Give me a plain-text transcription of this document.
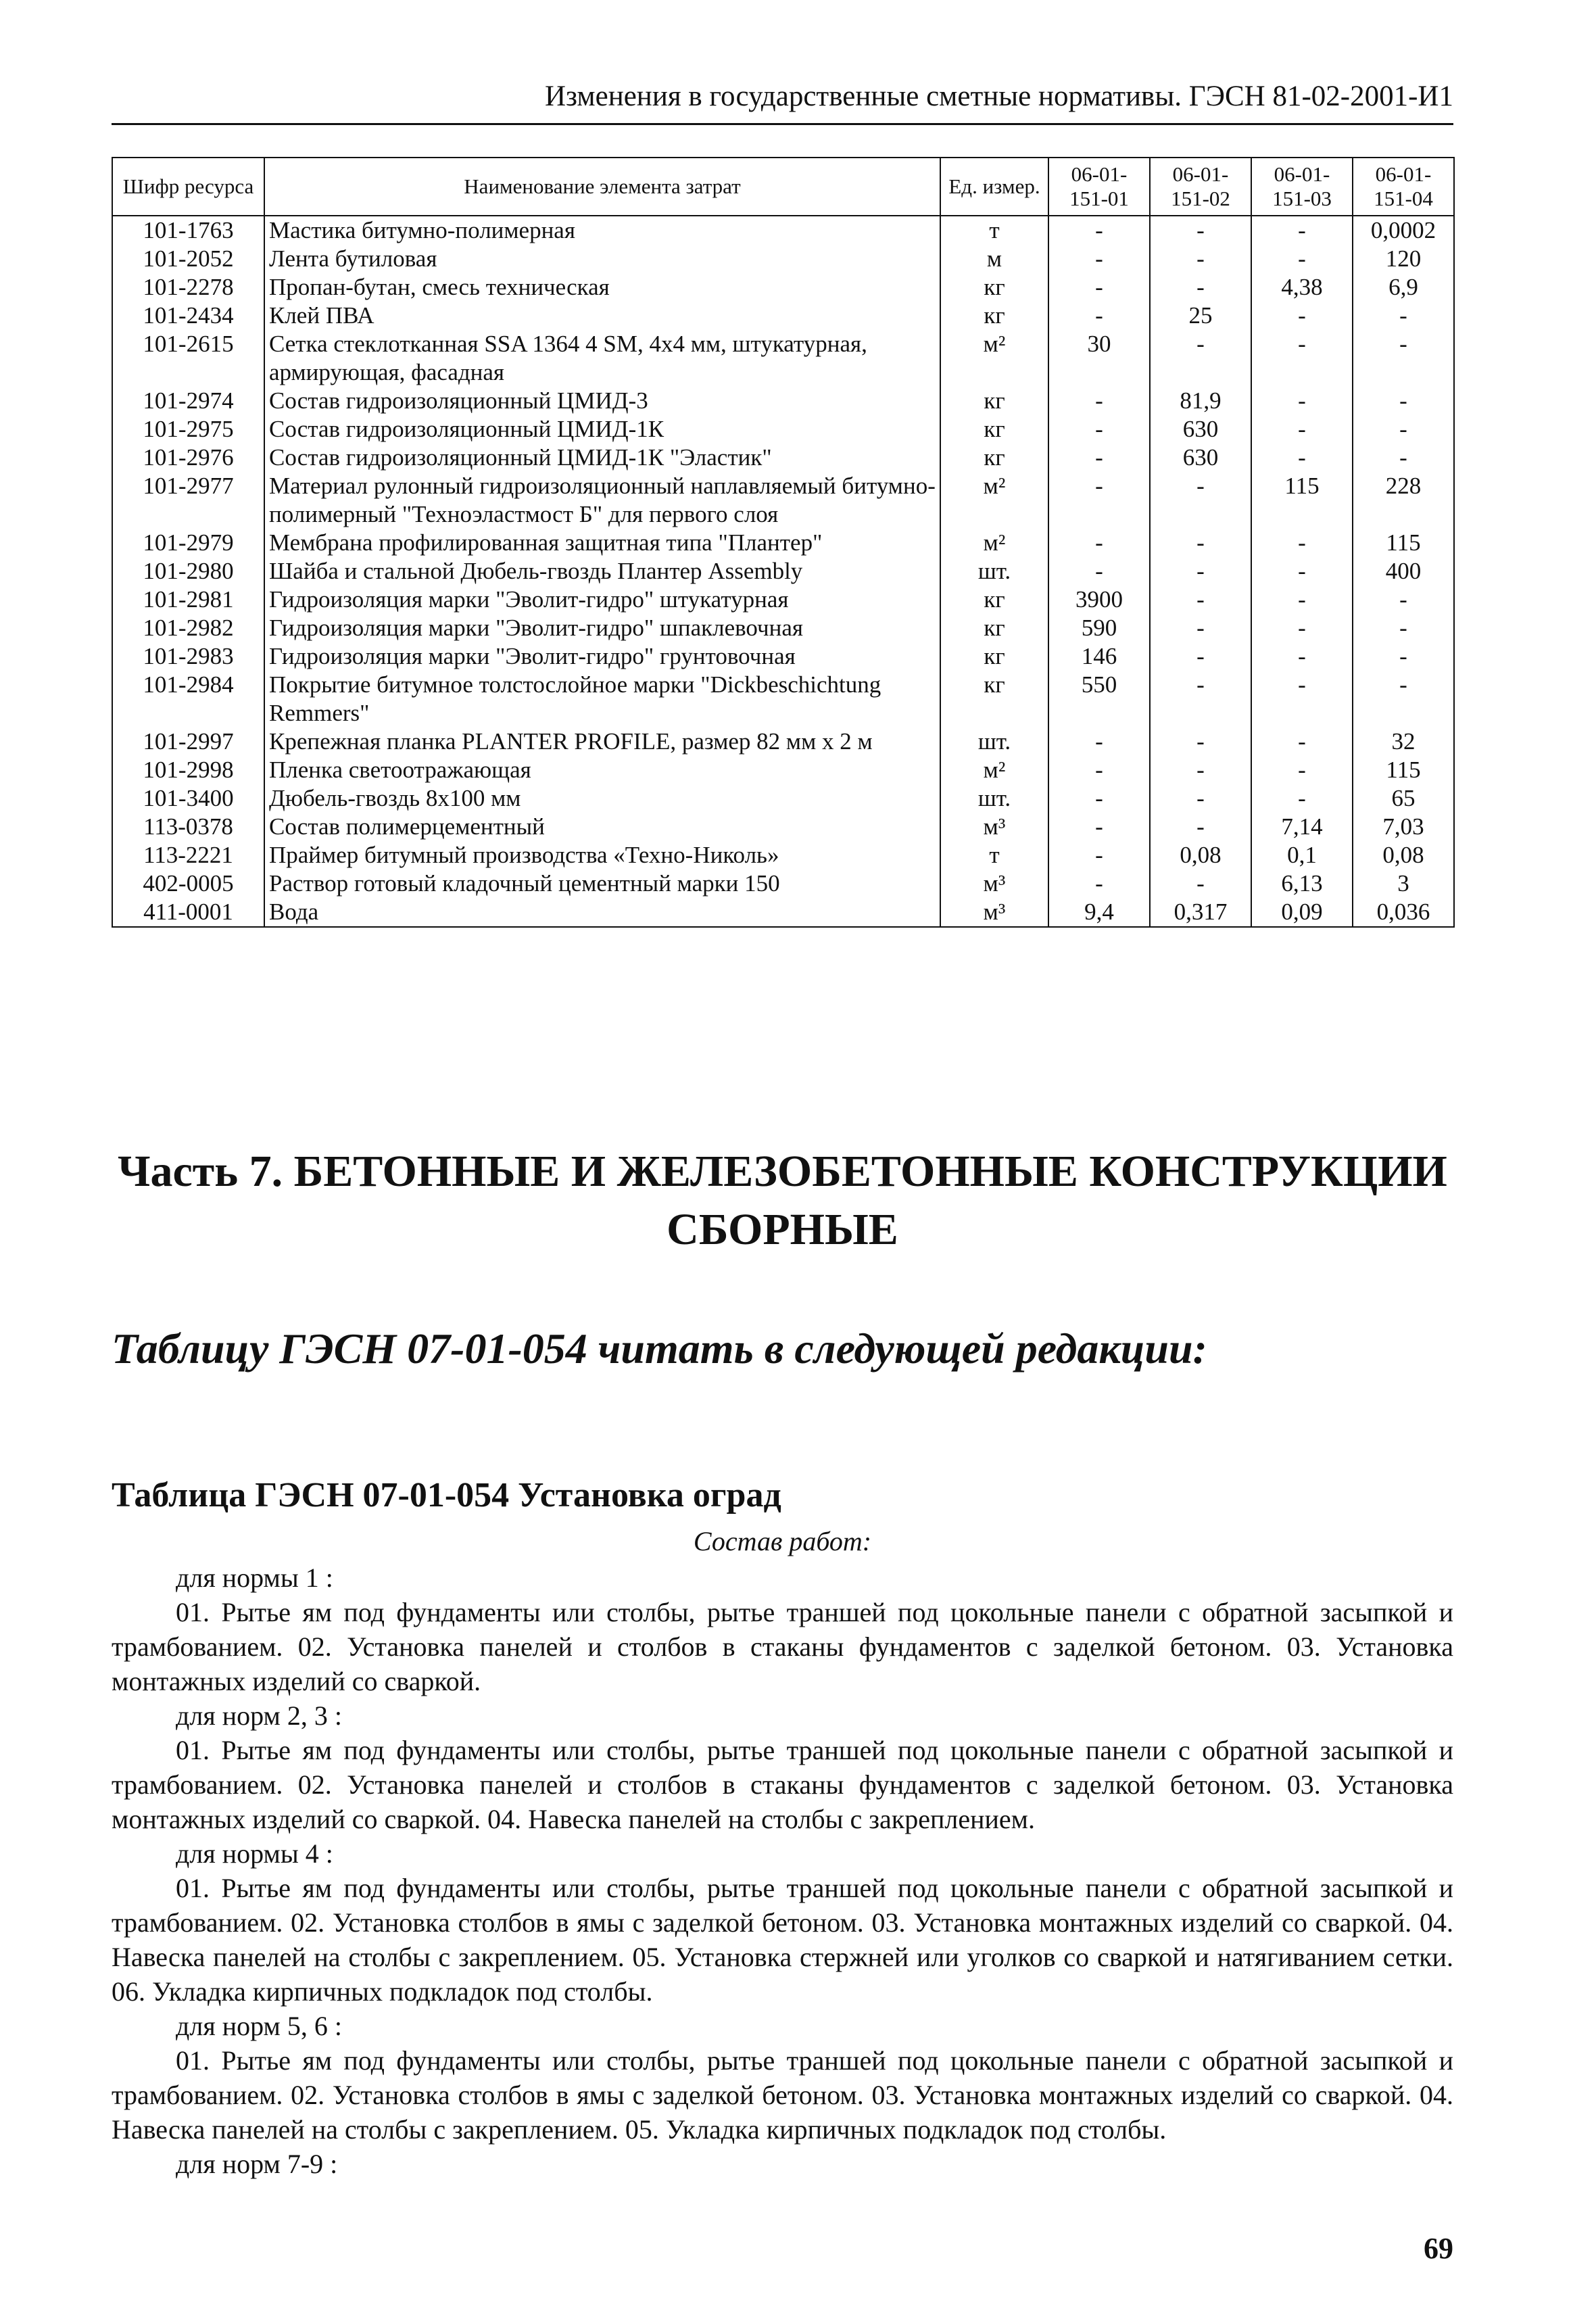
Изменения в государственные сметные нормативы. ГЭСН 81-02-2001-И1
Шифр ресурса	Наименование элемента затрат	Ед. измер.	06-01-151-01	06-01-151-02	06-01-151-03	06-01-151-04
101-1763	Мастика битумно-полимерная	т	-	-	-	0,0002
101-2052	Лента бутиловая	м	-	-	-	120
101-2278	Пропан-бутан, смесь техническая	кг	-	-	4,38	6,9
101-2434	Клей ПВА	кг	-	25	-	-
101-2615	Сетка стеклотканная SSA 1364 4 SM, 4х4 мм, штукатурная, армирующая, фасадная	м²	30	-	-	-
101-2974	Состав гидроизоляционный ЦМИД-3	кг	-	81,9	-	-
101-2975	Состав гидроизоляционный ЦМИД-1К	кг	-	630	-	-
101-2976	Состав гидроизоляционный ЦМИД-1К "Эластик"	кг	-	630	-	-
101-2977	Материал рулонный гидроизоляционный наплавляемый битумно-полимерный "Техноэластмост Б" для первого слоя	м²	-	-	115	228
101-2979	Мембрана профилированная защитная типа "Плантер"	м²	-	-	-	115
101-2980	Шайба и стальной Дюбель-гвоздь Плантер Assembly	шт.	-	-	-	400
101-2981	Гидроизоляция марки "Эволит-гидро" штукатурная	кг	3900	-	-	-
101-2982	Гидроизоляция марки "Эволит-гидро" шпаклевочная	кг	590	-	-	-
101-2983	Гидроизоляция марки "Эволит-гидро" грунтовочная	кг	146	-	-	-
101-2984	Покрытие битумное толстослойное марки "Dickbeschichtung Remmers"	кг	550	-	-	-
101-2997	Крепежная планка PLANTER PROFILE, размер 82 мм х 2 м	шт.	-	-	-	32
101-2998	Пленка светоотражающая	м²	-	-	-	115
101-3400	Дюбель-гвоздь 8х100 мм	шт.	-	-	-	65
113-0378	Состав полимерцементный	м³	-	-	7,14	7,03
113-2221	Праймер битумный производства «Техно-Николь»	т	-	0,08	0,1	0,08
402-0005	Раствор готовый кладочный цементный марки 150	м³	-	-	6,13	3
411-0001	Вода	м³	9,4	0,317	0,09	0,036
Часть 7. БЕТОННЫЕ И ЖЕЛЕЗОБЕТОННЫЕ КОНСТРУКЦИИ
СБОРНЫЕ
Таблицу ГЭСН 07-01-054 читать в следующей редакции:
Таблица ГЭСН 07-01-054 Установка оград
Состав работ:
для нормы 1 :

01. Рытье ям под фундаменты или столбы, рытье траншей под цокольные панели с обратной засыпкой и трамбованием. 02. Установка панелей и столбов в стаканы фундаментов с заделкой бетоном. 03. Установка монтажных изделий со сваркой.

для норм 2, 3 :

01. Рытье ям под фундаменты или столбы, рытье траншей под цокольные панели с обратной засыпкой и трамбованием. 02. Установка панелей и столбов в стаканы фундаментов с заделкой бетоном. 03. Установка монтажных изделий со сваркой. 04. Навеска панелей на столбы с закреплением.

для нормы 4 :

01. Рытье ям под фундаменты или столбы, рытье траншей под цокольные панели с обратной засыпкой и трамбованием. 02. Установка столбов в ямы с заделкой бетоном. 03. Установка монтажных изделий со сваркой. 04. Навеска панелей на столбы с закреплением. 05. Установка стержней или уголков со сваркой и натягиванием сетки. 06. Укладка кирпичных подкладок под столбы.

для норм 5, 6 :

01. Рытье ям под фундаменты или столбы, рытье траншей под цокольные панели с обратной засыпкой и трамбованием. 02. Установка столбов в ямы с заделкой бетоном. 03. Установка монтажных изделий со сваркой. 04. Навеска панелей на столбы с закреплением. 05. Укладка кирпичных подкладок под столбы.

для норм 7-9 :
69
